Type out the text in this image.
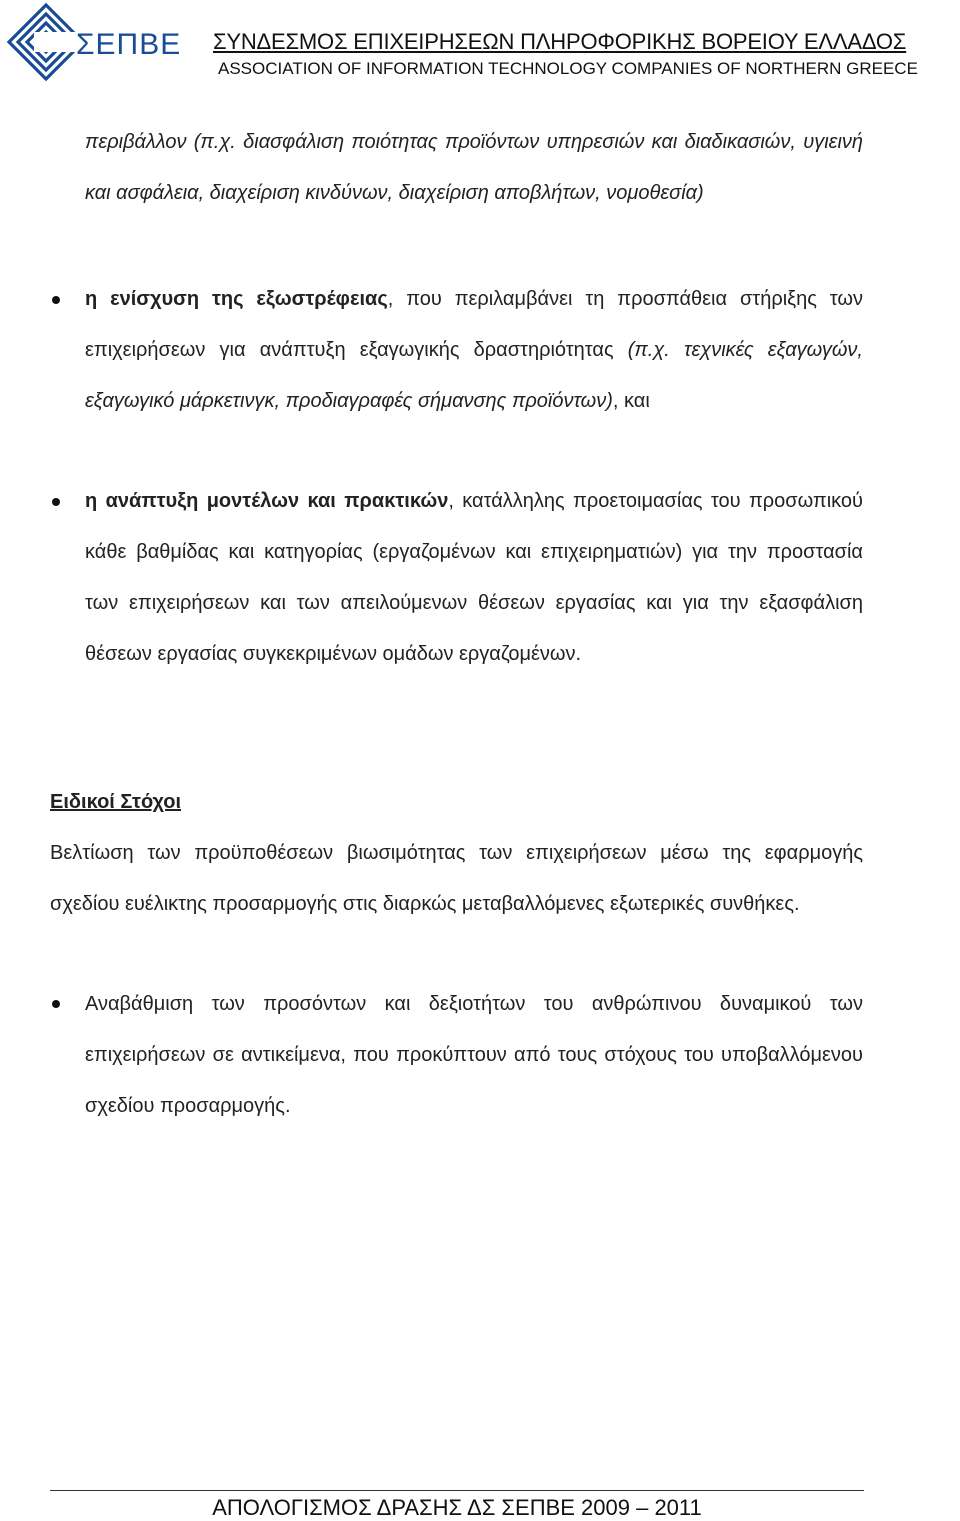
ΣΕΠΒΕ ΣΥΝΔΕΣΜΟΣ ΕΠΙΧΕΙΡΗΣΕΩΝ ΠΛΗΡΟΦΟΡΙΚΗΣ ΒΟΡΕΙΟΥ ΕΛΛΑΔΟΣ
ASSOCIATION OF INFORMATION TECHNOLOGY COMPANIES OF NORTHERN GREECE
περιβάλλον (π.χ. διασφάλιση ποιότητας προϊόντων υπηρεσιών και διαδικασιών, υγιεινή και ασφάλεια, διαχείριση κινδύνων, διαχείριση αποβλήτων, νομοθεσία)
η ενίσχυση της εξωστρέφειας, που περιλαμβάνει τη προσπάθεια στήριξης των επιχειρήσεων για ανάπτυξη εξαγωγικής δραστηριότητας (π.χ. τεχνικές εξαγωγών, εξαγωγικό μάρκετινγκ, προδιαγραφές σήμανσης προϊόντων), και
η ανάπτυξη μοντέλων και πρακτικών, κατάλληλης προετοιμασίας του προσωπικού κάθε βαθμίδας και κατηγορίας (εργαζομένων και επιχειρηματιών) για την προστασία των επιχειρήσεων και των απειλούμενων θέσεων εργασίας και για την εξασφάλιση θέσεων εργασίας συγκεκριμένων ομάδων εργαζομένων.
Ειδικοί Στόχοι
Βελτίωση των προϋποθέσεων βιωσιμότητας των επιχειρήσεων μέσω της εφαρμογής σχεδίου ευέλικτης προσαρμογής στις διαρκώς μεταβαλλόμενες εξωτερικές συνθήκες.
Αναβάθμιση των προσόντων και δεξιοτήτων του ανθρώπινου δυναμικού των επιχειρήσεων σε αντικείμενα, που προκύπτουν από τους στόχους του υποβαλλόμενου σχεδίου προσαρμογής.
ΑΠΟΛΟΓΙΣΜΟΣ ΔΡΑΣΗΣ ΔΣ ΣΕΠΒΕ 2009 – 2011
